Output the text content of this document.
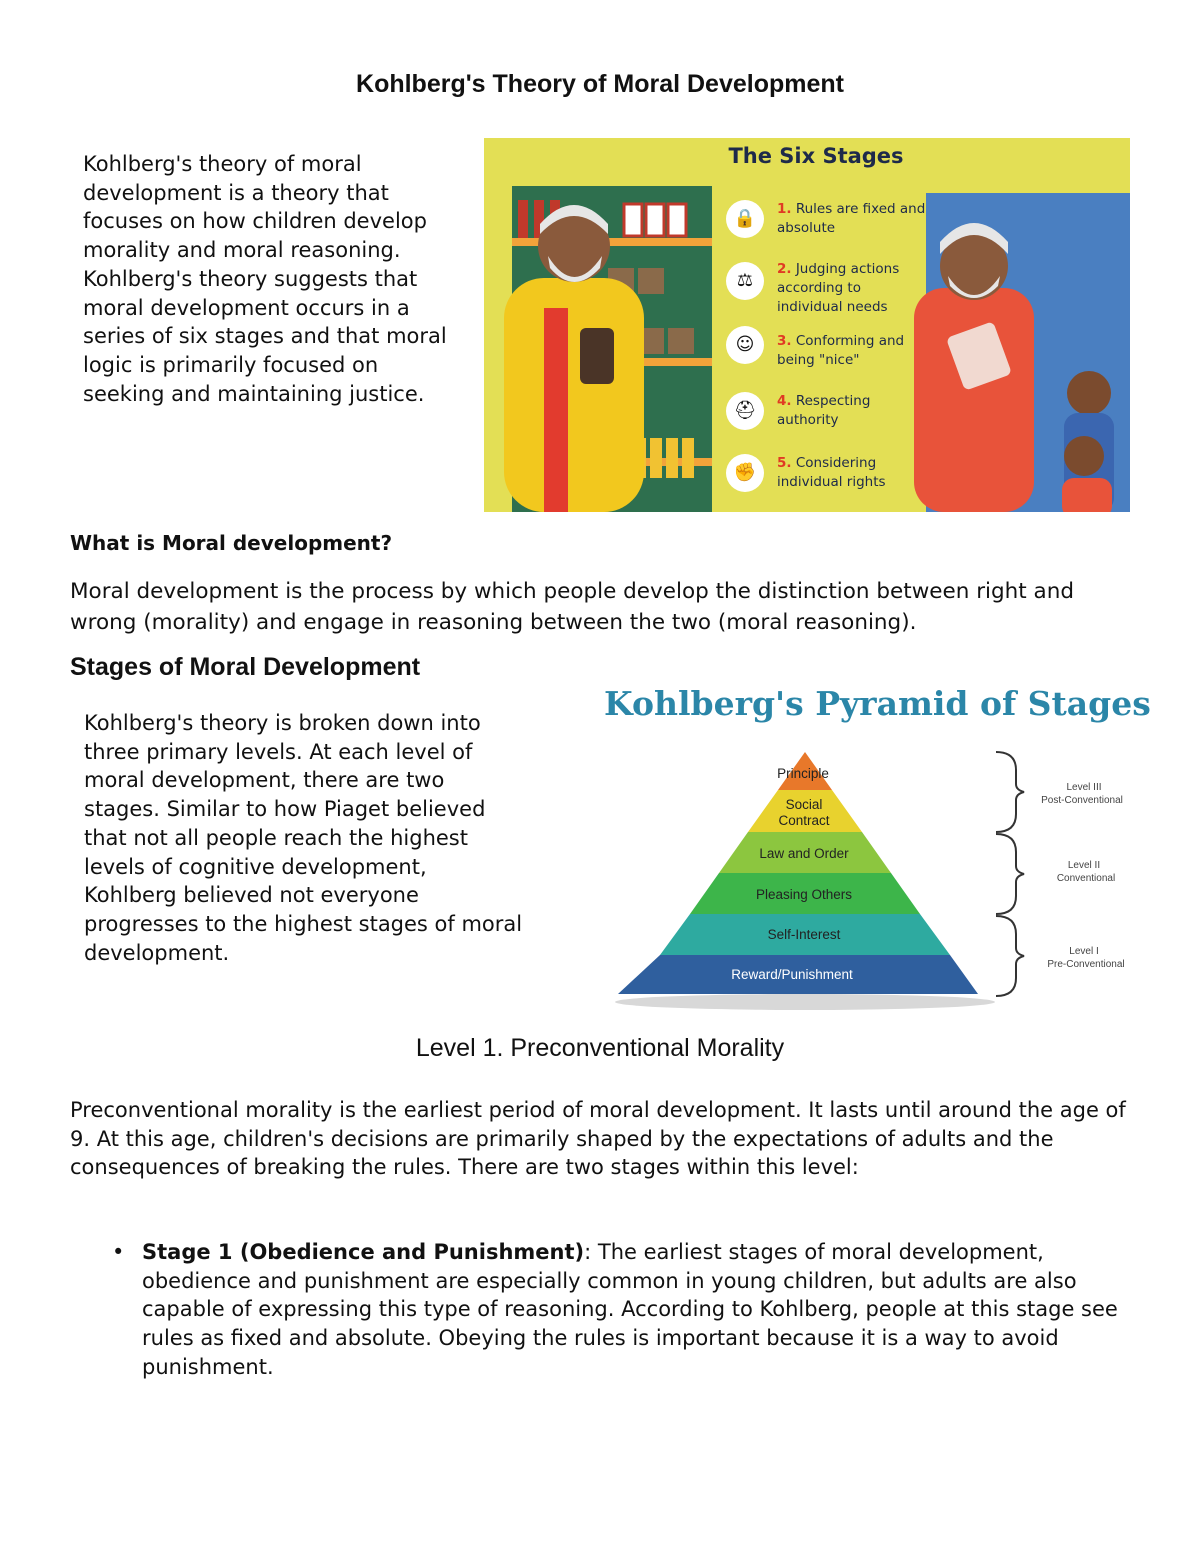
Kohlberg's Theory of Moral Development
Kohlberg's theory of moral development is a theory that focuses on how children develop morality and moral reasoning. Kohlberg's theory suggests that moral development occurs in a series of six stages and that moral logic is primarily focused on seeking and maintaining justice.
The Six Stages
🔒	1. Rules are fixed and absolute
⚖
2. Judging actions according to individual needs
☺	3. Conforming and being "nice"
⛑	4. Respecting authority
✊	5. Considering individual rights
What is Moral development?
Moral development is the process by which people develop the distinction between right and wrong (morality) and engage in reasoning between the two (moral reasoning).
Stages of Moral Development
Kohlberg's theory is broken down into three primary levels. At each level of moral development, there are two stages. Similar to how Piaget believed that not all people reach the highest levels of cognitive development, Kohlberg believed not everyone progresses to the highest stages of moral development.
Kohlberg's Pyramid of Stages
Principle
Social
Contract
Law and Order
Pleasing Others
Self-Interest
Reward/Punishment
Level III
Post-Conventional
Level II
Conventional
Level I
Pre-Conventional
Level 1. Preconventional Morality
Preconventional morality is the earliest period of moral development. It lasts until around the age of 9. At this age, children's decisions are primarily shaped by the expectations of adults and the consequences of breaking the rules. There are two stages within this level:
• Stage 1 (Obedience and Punishment): The earliest stages of moral development, obedience and punishment are especially common in young children, but adults are also capable of expressing this type of reasoning. According to Kohlberg, people at this stage see rules as fixed and absolute. Obeying the rules is important because it is a way to avoid punishment.
